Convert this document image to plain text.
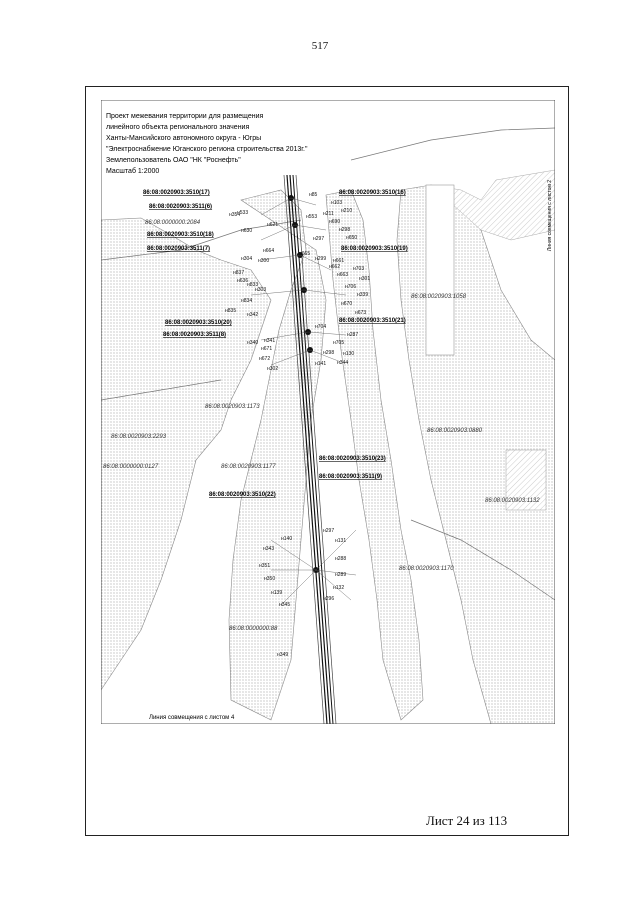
517
Проект межевания территории для размещения
линейного объекта регионального значения
Ханты-Мансийского автономного округа - Югры
"Электроснабжение Юганского региона строительства 2013г."
Землепользователь ОАО "НК "Роснефть"
Масштаб 1:2000
Линия совмещения с листом 2
Линия совмещения с листом 4
86:08:0020903:3510(17)
86:08:0020903:3511(6)
86:08:0020903:3510(18)
86:08:0020903:3511(7)
86:08:0020903:3510(16)
86:08:0020903:3510(19)
86:08:0020903:3510(20)
86:08:0020903:3511(8)
86:08:0020903:3510(21)
86:08:0020903:3510(23)
86:08:0020903:3511(9)
86:08:0020903:3510(22)
86:08:0000000:2084
86:08:0020903:1058
86:08:0020903:1173
86:08:0020903:2293
86:08:0020903:0880
86:08:0000000:0127	86:08:0020903:1177
86:08:0020903:1132
86:08:0020903:1170
86:08:0000000:88
н85
н103
н210
н553 н211
н690
н298
н650
н354
н533
н621
н630
н297
н664
н299 н661
н665
н304 н300
н662	н703
н663
н837
н301
н636
н833
н303	н706
н339
н834	н670
н835
н342	н673
н704
н287
н340 н341	н705
н671
н298 н130
н672
н141 н344
н302
н297
н140	н131
н343
н288
н351
н289
н350
н132
н139
н296
н345
н349
Лист 24 из 113
